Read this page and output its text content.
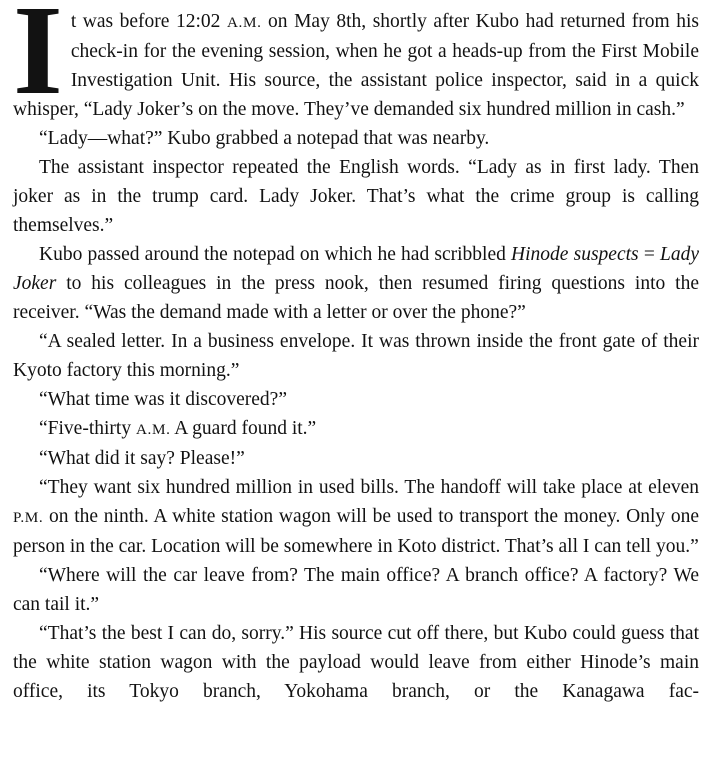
I t was before 12:02 A.M. on May 8th, shortly after Kubo had returned from his check-in for the evening session, when he got a heads-up from the First Mobile Investigation Unit. His source, the assistant police inspector, said in a quick whisper, “Lady Joker’s on the move. They’ve demanded six hundred million in cash.”

“Lady—what?” Kubo grabbed a notepad that was nearby.

The assistant inspector repeated the English words. “Lady as in first lady. Then joker as in the trump card. Lady Joker. That’s what the crime group is calling themselves.”

Kubo passed around the notepad on which he had scribbled Hinode suspects = Lady Joker to his colleagues in the press nook, then resumed firing questions into the receiver. “Was the demand made with a letter or over the phone?”

“A sealed letter. In a business envelope. It was thrown inside the front gate of their Kyoto factory this morning.”

“What time was it discovered?”

“Five-thirty A.M. A guard found it.”

“What did it say? Please!”

“They want six hundred million in used bills. The handoff will take place at eleven P.M. on the ninth. A white station wagon will be used to transport the money. Only one person in the car. Location will be somewhere in Koto district. That’s all I can tell you.”

“Where will the car leave from? The main office? A branch office? A factory? We can tail it.”

“That’s the best I can do, sorry.” His source cut off there, but Kubo could guess that the white station wagon with the payload would leave from either Hinode’s main office, its Tokyo branch, Yokohama branch, or the Kanagawa fac-
